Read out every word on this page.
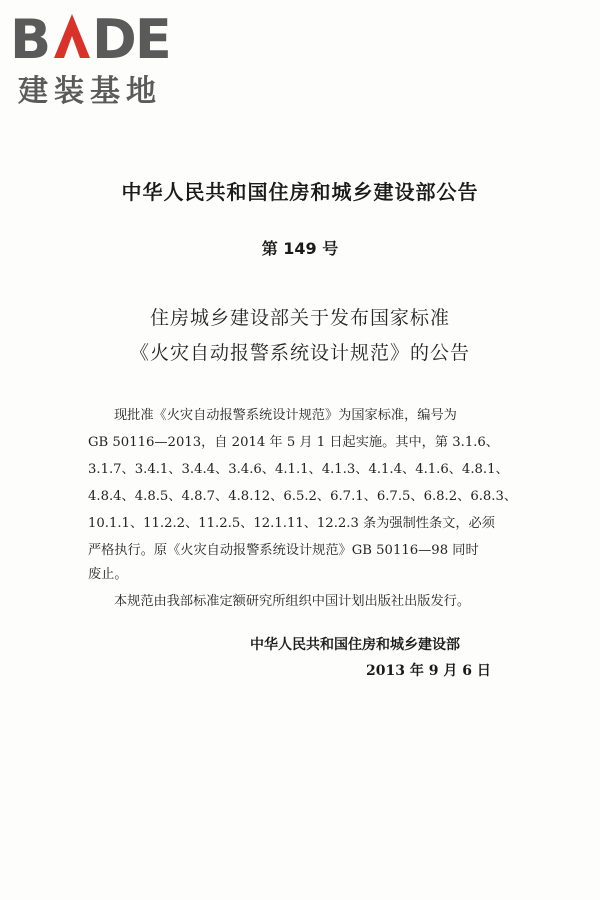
B DE
建装基地
中华人民共和国住房和城乡建设部公告
第 149 号
住房城乡建设部关于发布国家标准
《火灾自动报警系统设计规范》的公告
现批准《火灾自动报警系统设计规范》为国家标准，编号为
GB 50116—2013，自 2014 年 5 月 1 日起实施。其中，第 3.1.6、
3.1.7、3.4.1、3.4.4、3.4.6、4.1.1、4.1.3、4.1.4、4.1.6、4.8.1、
4.8.4、4.8.5、4.8.7、4.8.12、6.5.2、6.7.1、6.7.5、6.8.2、6.8.3、
10.1.1、11.2.2、11.2.5、12.1.11、12.2.3 条为强制性条文，必须
严格执行。原《火灾自动报警系统设计规范》GB 50116—98 同时
废止。
本规范由我部标准定额研究所组织中国计划出版社出版发行。
中华人民共和国住房和城乡建设部
2013 年 9 月 6 日
